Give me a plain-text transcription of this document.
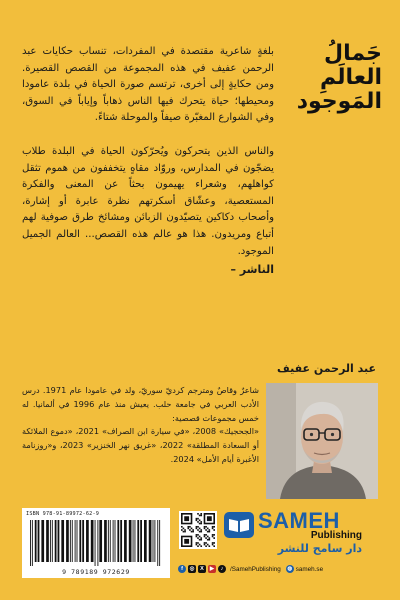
جَمالُ
العالَمِ
المَوجود

بلغةٍ شاعرية مقتصدة في المفردات، تنساب حكايات عبد الرحمن عفيف في هذه المجموعة من القصص القصيرة. ومن حكايةٍ إلى أخرى، ترتسم صورة الحياة في بلدة عامودا ومحيطها؛ حياة يتحرك فيها الناس ذهاباً وإياباً في السوق، وفي الشوارع المغبّرة صيفاً والموحلة شتاءً.

والناس الذين يتحركون ويُحرّكون الحياة في البلدة طلاب يضجّون في المدارس، وروّاد مقاهٍ يتخففون من هموم تثقل كواهلهم، وشعراء يهيمون بحثاً عن المعنى والفكرة المستعصية، وعشّاق أسكرتهم نظرة عابرة أو إشارة، وأصحاب دكاكين يتصيّدون الزبائن ومشائخ طرق صوفية لهم أتباع ومريدون. هذا هو عالم هذه القصص... العالم الجميل الموجود.

الناشر –

عبد الرحمن عفيف

شاعرٌ وقاصٌ ومترجم كرديّ سوريّ، ولد في عامودا عام 1971. درس الأدب العربي في جامعة حلب. يعيش منذ عام 1996 في ألمانيا. له خمس مجموعات قصصية:

«الجحجيك» 2008، «في سيارة ابن الصراف» 2021، «دموع الملائكة أو السعادة المطلقة» 2022، «غريق نهر الخنزير» 2023، و«روزنامة الأغبرة أيام الأمل» 2024.

ISBN 978-91-89972-62-9
9 789189 972629
SAMEH
Publishing
دار سامح للنشر
f	◎	X	▶	♪	/SamehPublishing ◍ sameh.se
